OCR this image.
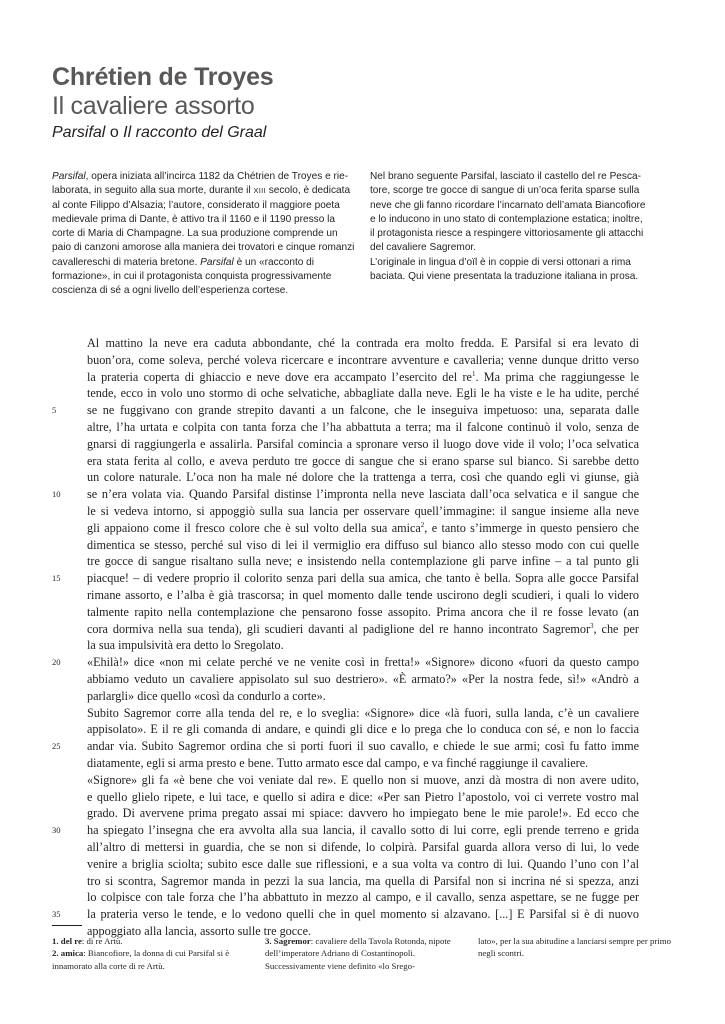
Chrétien de Troyes
Il cavaliere assorto
Parsifal o Il racconto del Graal

Parsifal, opera iniziata all’incirca 1182 da Chétrien de Troyes e rielaborata, in seguito alla sua morte, durante il XIII secolo, è dedicata al conte Filippo d’Alsazia; l’autore, considerato il maggiore poeta medievale prima di Dante, è attivo tra il 1160 e il 1190 presso la corte di Maria di Champagne. La sua produzione comprende un paio di canzoni amorose alla maniera dei trovatori e cinque romanzi cavallereschi di materia bretone. Parsifal è un «racconto di formazione», in cui il protagonista conquista progressivamente coscienza di sé a ogni livello dell’esperienza cortese.

Nel brano seguente Parsifal, lasciato il castello del re Pescatore, scorge tre gocce di sangue di un’oca ferita sparse sulla neve che gli fanno ricordare l’incarnato dell’amata Biancofiore e lo inducono in uno stato di contemplazione estatica; inoltre, il protagonista riesce a respingere vittoriosamente gli attacchi del cavaliere Sagremor.

L’originale in lingua d’oïl è in coppie di versi ottonari a rima baciata. Qui viene presentata la traduzione italiana in prosa.

Al mattino la neve era caduta abbondante, ché la contrada era molto fredda. E Parsifal si era levato di
buon’ora, come soleva, perché voleva ricercare e incontrare avventure e cavalleria; venne dunque dritto verso
la prateria coperta di ghiaccio e neve dove era accampato l’esercito del $re^1$. Ma prima che raggiungesse le
tende, ecco in volo uno stormo di oche selvatiche, abbagliate dalla neve. Egli le ha viste e le ha udite, perché
5	se ne fuggivano con grande strepito davanti a un falcone, che le inseguiva impetuoso: una, separata dalle
altre, l’ha urtata e colpita con tanta forza che l’ha abbattuta a terra; ma il falcone continuò il volo, senza de
gnarsi di raggiungerla e assalirla. Parsifal comincia a spronare verso il luogo dove vide il volo; l’oca selvatica
era stata ferita al collo, e aveva perduto tre gocce di sangue che si erano sparse sul bianco. Si sarebbe detto
un colore naturale. L’oca non ha male né dolore che la trattenga a terra, così che quando egli vi giunse, già
10	se n’era volata via. Quando Parsifal distinse l’impronta nella neve lasciata dall’oca selvatica e il sangue che
le si vedeva intorno, si appoggiò sulla sua lancia per osservare quell’immagine: il sangue insieme alla neve
gli appaiono come il fresco colore che è sul volto della sua amica$^2$, e tanto s’immerge in questo pensiero che
dimentica se stesso, perché sul viso di lei il vermiglio era diffuso sul bianco allo stesso modo con cui quelle
tre gocce di sangue risaltano sulla neve; e insistendo nella contemplazione gli parve infine – a tal punto gli
15	piacque! – di vedere proprio il colorito senza pari della sua amica, che tanto è bella. Sopra alle gocce Parsifal
rimane assorto, e l’alba è già trascorsa; in quel momento dalle tende uscirono degli scudieri, i quali lo videro
talmente rapito nella contemplazione che pensarono fosse assopito. Prima ancora che il re fosse levato (an
cora dormiva nella sua tenda), gli scudieri davanti al padiglione del re hanno incontrato Sagremor$^3$, che per
la sua impulsività era detto lo Sregolato.
20	«Ehilà!» dice «non mi celate perché ve ne venite così in fretta!» «Signore» dicono «fuori da questo campo
abbiamo veduto un cavaliere appisolato sul suo destriero». «È armato?» «Per la nostra fede, sì!» «Andrò a
parlargli» dice quello «così da condurlo a corte».
Subito Sagremor corre alla tenda del re, e lo sveglia: «Signore» dice «là fuori, sulla landa, c’è un cavaliere
appisolato». E il re gli comanda di andare, e quindi gli dice e lo prega che lo conduca con sé, e non lo faccia
25	andar via. Subito Sagremor ordina che si porti fuori il suo cavallo, e chiede le sue armi; così fu fatto imme
diatamente, egli si arma presto e bene. Tutto armato esce dal campo, e va finché raggiunge il cavaliere.
«Signore» gli fa «è bene che voi veniate dal re». E quello non si muove, anzi dà mostra di non avere udito,
e quello glielo ripete, e lui tace, e quello si adira e dice: «Per san Pietro l’apostolo, voi ci verrete vostro mal
grado. Di avervene prima pregato assai mi spiace: davvero ho impiegato bene le mie parole!». Ed ecco che
30	ha spiegato l’insegna che era avvolta alla sua lancia, il cavallo sotto di lui corre, egli prende terreno e grida
all’altro di mettersi in guardia, che se non si difende, lo colpirà. Parsifal guarda allora verso di lui, lo vede
venire a briglia sciolta; subito esce dalle sue riflessioni, e a sua volta va contro di lui. Quando l’uno con l’al
tro si scontra, Sagremor manda in pezzi la sua lancia, ma quella di Parsifal non si incrina né si spezza, anzi
lo colpisce con tale forza che l’ha abbattuto in mezzo al campo, e il cavallo, senza aspettare, se ne fugge per
35	la prateria verso le tende, e lo vedono quelli che in quel momento si alzavano. [...] E Parsifal si è di nuovo
appoggiato alla lancia, assorto sulle tre gocce.

1. del re: di re Artù.

2. amica: Biancofiore, la donna di cui Parsifal si è innamorato alla corte di re Artù.

3. Sagremor: cavaliere della Tavola Rotonda, nipote dell’imperatore Adriano di Costantinopoli. Successivamente viene definito «lo Srego-

lato», per la sua abitudine a lanciarsi sempre per primo negli scontri.
